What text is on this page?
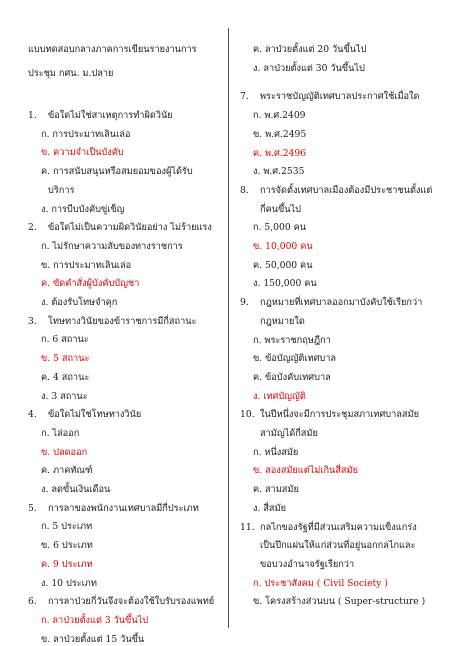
แบบทดสอบกลางภาคการเขียนรายงานการ
ประชุม กศน. ม.ปลาย
1. ข้อใดไม่ใช่สาเหตุการทำผิดวินัย
ก. การประมาทเลินเล่อ
ข. ความจำเป็นบังคับ
ค. การสนับสนุนหรือสมยอมของผู้ได้รับ
บริการ
ง. การบีบบังคับขู่เข็ญ
2. ข้อใดไม่เป็นความผิดวินัยอย่าง ไม่ร้ายแรง
ก. ไม่รักษาความลับของทางราชการ
ข. การประมาทเลินเล่อ
ค. ขัดคำสั่งผู้บังคับบัญชา
ง. ต้องรับโทษจำคุก
3. โทษทางวินัยของข้าราชการมีกี่สถานะ
ก. 6 สถานะ
ข. 5 สถานะ
ค. 4 สถานะ
ง. 3 สถานะ
4. ข้อใดไม่ใช่โทษทางวินัย
ก. ไล่ออก
ข. ปลดออก
ค. ภาคทัณฑ์
ง. ลดขั้นเงินเดือน
5. การลาของพนักงานเทศบาลมีกี่ประเภท
ก. 5 ประเภท
ข. 6 ประเภท
ค. 9 ประเภท
ง. 10 ประเภท
6. การลาป่วยกี่วันจึงจะต้องใช้ใบรับรองแพทย์
ก. ลาป่วยตั้งแต่ 3 วันขึ้นไป
ข. ลาป่วยตั้งแต่ 15 วันขึ้น
ค. ลาป่วยตั้งแต่ 20 วันขึ้นไป
ง. ลาป่วยตั้งแต่ 30 วันขึ้นไป
7. พระราชบัญญัติเทศบาลประกาศใช้เมื่อใด
ก. พ.ศ.2409
ข. พ.ศ.2495
ค. พ.ศ.2496
ง. พ.ศ.2535
8. การจัดตั้งเทศบาลเมืองต้องมีประชาชนตั้งแต่
กี่คนขึ้นไป
ก. 5,000 คน
ข. 10,000 คน
ค. 50,000 คน
ง. 150,000 คน
9. กฎหมายที่เทศบาลออกมาบังคับใช้เรียกว่า
กฎหมายใด
ก. พระราชกฤษฎีกา
ข. ข้อบัญญัติเทศบาล
ค. ข้อบังคับเทศบาล
ง. เทศบัญญัติ
10. ในปีหนึ่งจะมีการประชุมสภาเทศบาลสมัย
สามัญได้กี่สมัย
ก. หนึ่งสมัย
ข. สองสมัยแต่ไม่เกินสี่สมัย
ค. สามสมัย
ง. สี่สมัย
11. กลไกของรัฐที่มีส่วนเสริมความแข็งแกร่ง
เป็นปึกแผ่นให้แก่ส่วนที่อยู่นอกกลไกและ
ขอบวงอำนาจรัฐเรียกว่า
ก. ประชาสังคม ( Civil Society )
ข. โครงสร้างส่วนบน ( Super-structure )
